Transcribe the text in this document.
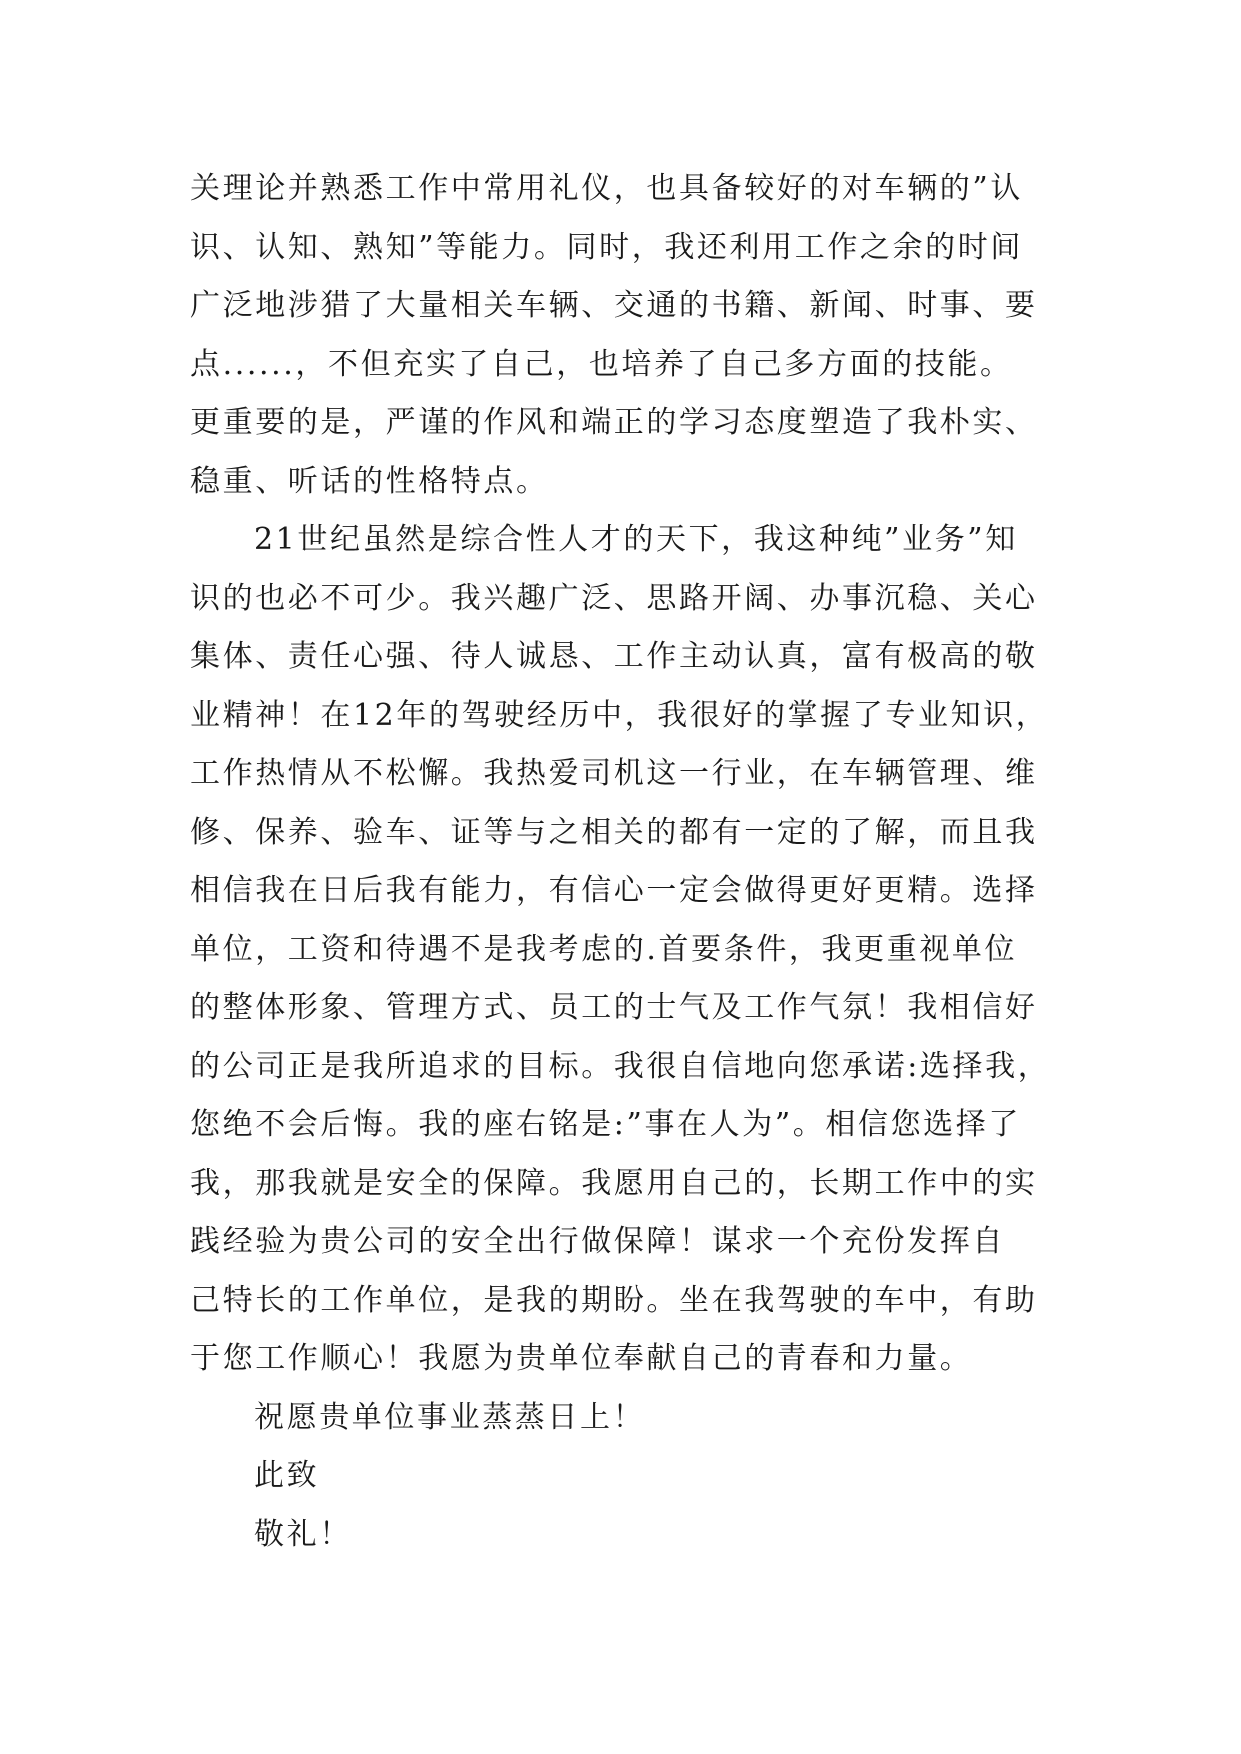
关理论并熟悉工作中常用礼仪，也具备较好的对车辆的”认
识、认知、熟知”等能力。同时，我还利用工作之余的时间
广泛地涉猎了大量相关车辆、交通的书籍、新闻、时事、要
点......，不但充实了自己，也培养了自己多方面的技能。
更重要的是，严谨的作风和端正的学习态度塑造了我朴实、
稳重、听话的性格特点。
21世纪虽然是综合性人才的天下，我这种纯”业务”知
识的也必不可少。我兴趣广泛、思路开阔、办事沉稳、关心
集体、责任心强、待人诚恳、工作主动认真，富有极高的敬
业精神！在12年的驾驶经历中，我很好的掌握了专业知识，
工作热情从不松懈。我热爱司机这一行业，在车辆管理、维
修、保养、验车、证等与之相关的都有一定的了解，而且我
相信我在日后我有能力，有信心一定会做得更好更精。选择
单位，工资和待遇不是我考虑的.首要条件，我更重视单位
的整体形象、管理方式、员工的士气及工作气氛！我相信好
的公司正是我所追求的目标。我很自信地向您承诺:选择我，
您绝不会后悔。我的座右铭是:”事在人为”。相信您选择了
我，那我就是安全的保障。我愿用自己的，长期工作中的实
践经验为贵公司的安全出行做保障！谋求一个充份发挥自
己特长的工作单位，是我的期盼。坐在我驾驶的车中，有助
于您工作顺心！我愿为贵单位奉献自己的青春和力量。
祝愿贵单位事业蒸蒸日上！
此致
敬礼！
